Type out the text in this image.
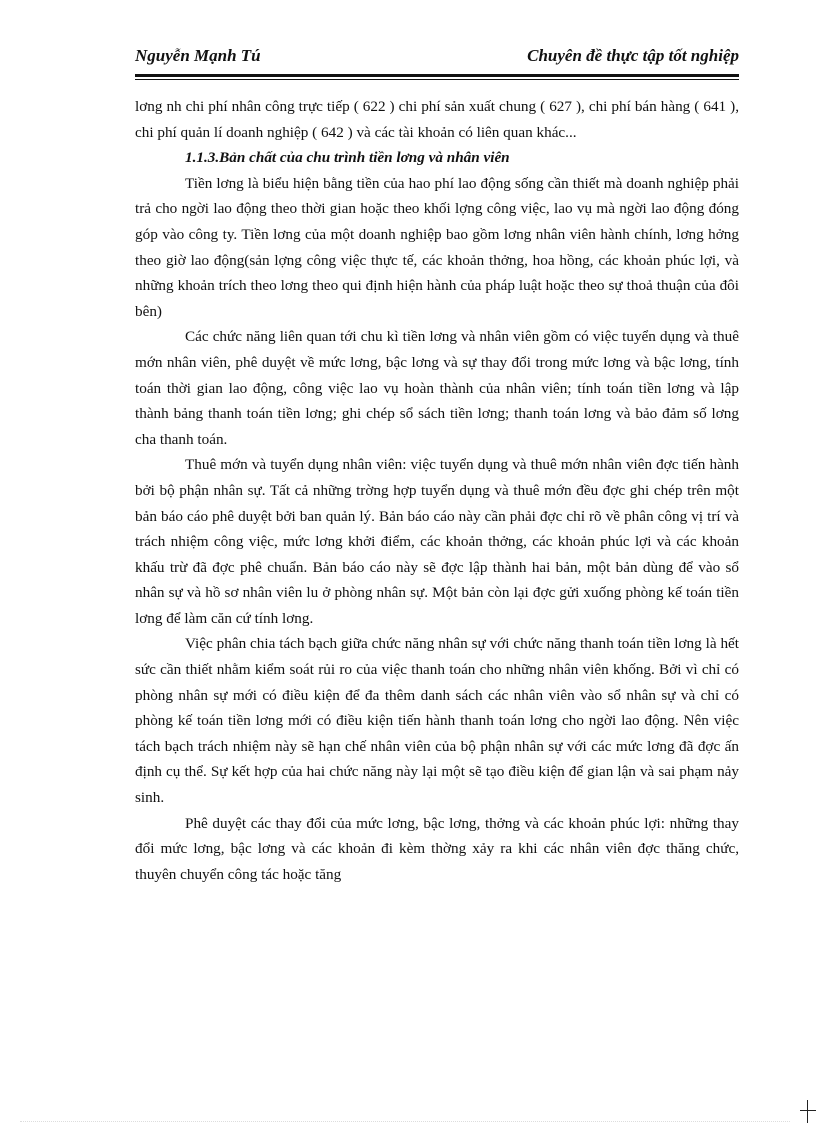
Nguyễn Mạnh Tú	Chuyên đề thực tập tốt nghiệp

lơng nh chi phí nhân công trực tiếp ( 622 ) chi phí sản xuất chung ( 627 ), chi phí bán hàng ( 641 ), chi phí quản lí doanh nghiệp ( 642 ) và các tài khoản có liên quan khác...

1.1.3.Bản chất của chu trình tiền lơng và nhân viên

Tiền lơng là biểu hiện bằng tiền của hao phí lao động sống cần thiết mà doanh nghiệp phải trả cho ngời lao động theo thời gian hoặc theo khối lợng công việc, lao vụ mà ngời lao động đóng góp vào công ty. Tiền lơng của một doanh nghiệp bao gồm lơng nhân viên hành chính, lơng hởng theo giờ lao động(sản lợng công việc thực tế, các khoản thởng, hoa hồng, các khoản phúc lợi, và những khoản trích theo lơng theo qui định hiện hành của pháp luật hoặc theo sự thoả thuận của đôi bên)

Các chức năng liên quan tới chu kì tiền lơng và nhân viên gồm có việc tuyển dụng và thuê mớn nhân viên, phê duyệt về mức lơng, bậc lơng và sự thay đổi trong mức lơng và bậc lơng, tính toán thời gian lao động, công việc lao vụ hoàn thành của nhân viên; tính toán tiền lơng và lập thành bảng thanh toán tiền lơng; ghi chép sổ sách tiền lơng; thanh toán lơng và bảo đảm số lơng cha thanh toán.

Thuê mớn và tuyển dụng nhân viên: việc tuyển dụng và thuê mớn nhân viên đợc tiến hành bởi bộ phận nhân sự. Tất cả những trờng hợp tuyển dụng và thuê mớn đều đợc ghi chép trên một bản báo cáo phê duyệt bởi ban quản lý. Bản báo cáo này cần phải đợc chỉ rõ về phân công vị trí và trách nhiệm công việc, mức lơng khởi điểm, các khoản thởng, các khoản phúc lợi và các khoản khấu trừ đã đợc phê chuẩn. Bản báo cáo này sẽ đợc lập thành hai bản, một bản dùng để vào sổ nhân sự và hồ sơ nhân viên lu ở phòng nhân sự. Một bản còn lại đợc gửi xuống phòng kế toán tiền lơng để làm căn cứ tính lơng.

Việc phân chia tách bạch giữa chức năng nhân sự với chức năng thanh toán tiền lơng là hết sức cần thiết nhằm kiểm soát rủi ro của việc thanh toán cho những nhân viên khống. Bởi vì chỉ có phòng nhân sự mới có điều kiện để đa thêm danh sách các nhân viên vào sổ nhân sự và chỉ có phòng kế toán tiền lơng mới có điều kiện tiến hành thanh toán lơng cho ngời lao động. Nên việc tách bạch trách nhiệm này sẽ hạn chế nhân viên của bộ phận nhân sự với các mức lơng đã đợc ấn định cụ thể. Sự kết hợp của hai chức năng này lại một sẽ tạo điều kiện để gian lận và sai phạm nảy sinh.

Phê duyệt các thay đổi của mức lơng, bậc lơng, thởng và các khoản phúc lợi: những thay đổi mức lơng, bậc lơng và các khoản đi kèm thờng xảy ra khi các nhân viên đợc thăng chức, thuyên chuyển công tác hoặc tăng
